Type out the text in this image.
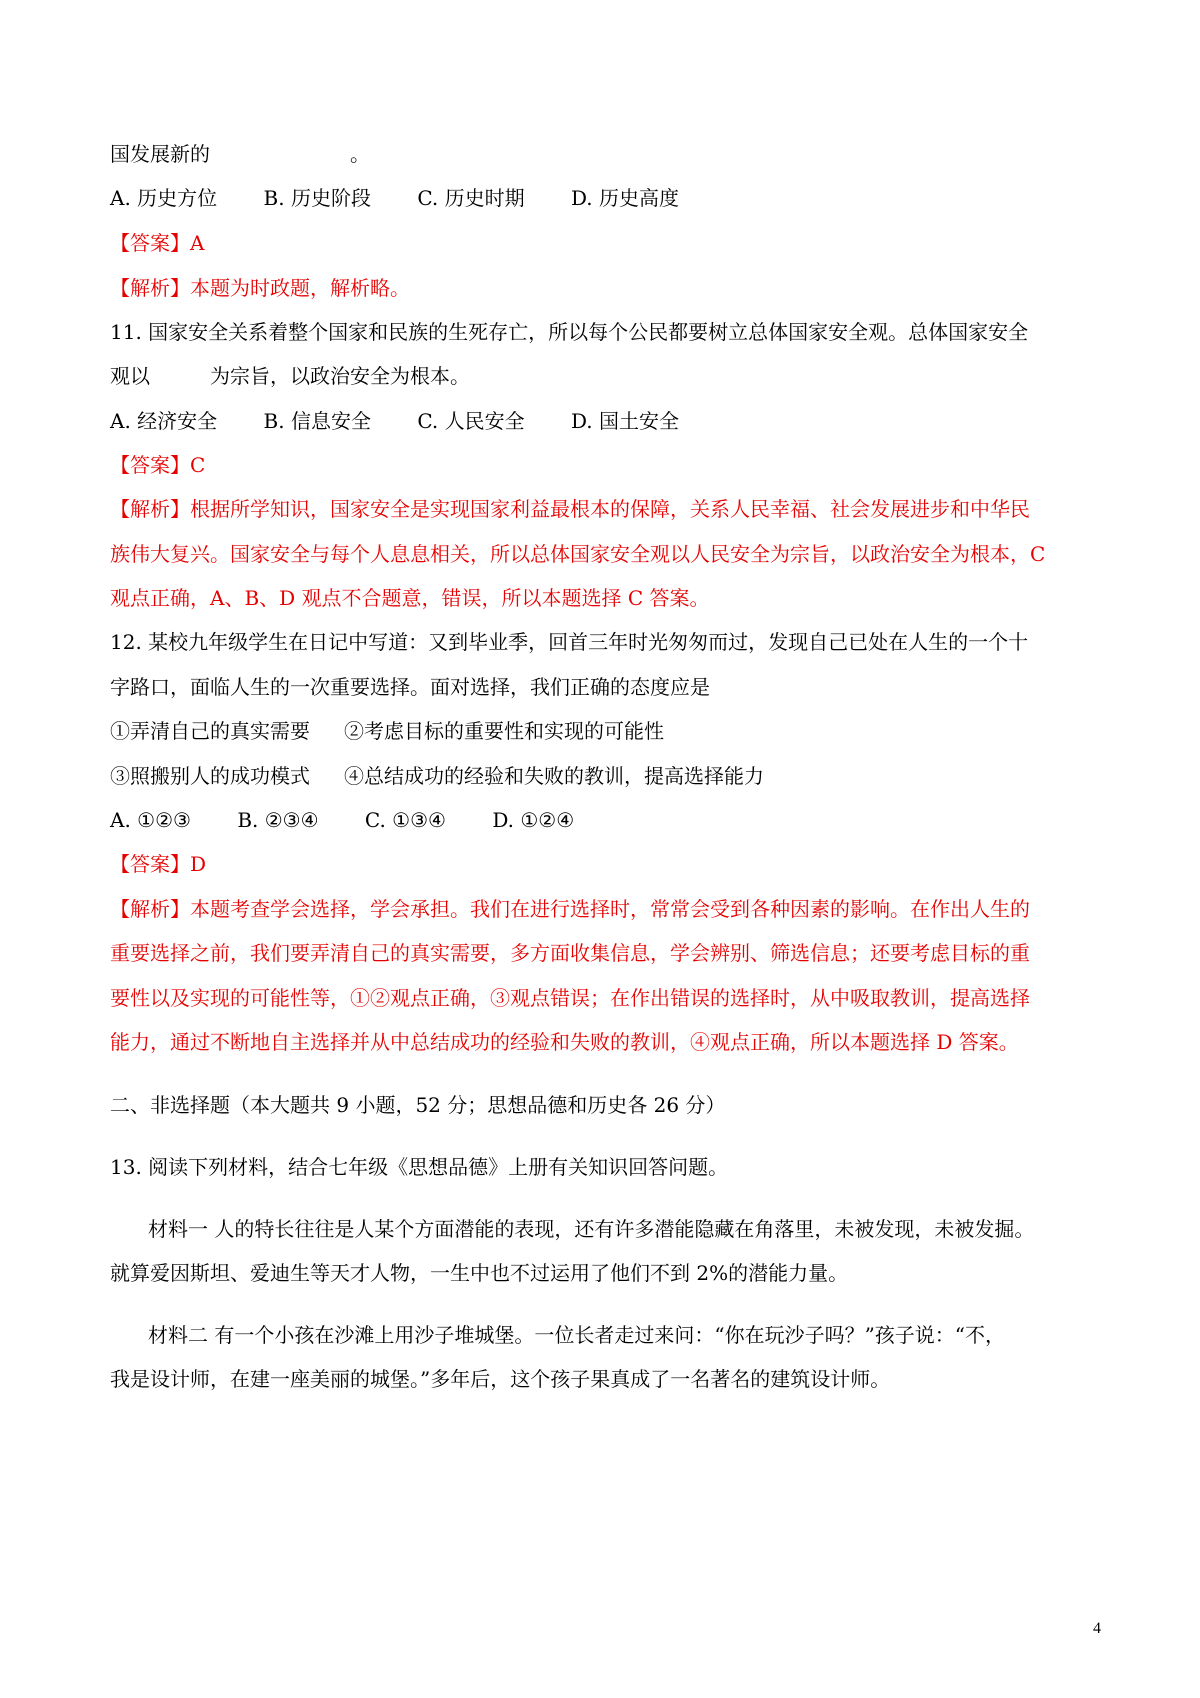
国发展新的　　　　　　　。
A. 历史方位 B. 历史阶段 C. 历史时期 D. 历史高度
【答案】A
【解析】本题为时政题，解析略。
11. 国家安全关系着整个国家和民族的生死存亡，所以每个公民都要树立总体国家安全观。总体国家安全
观以　　　为宗旨，以政治安全为根本。
A. 经济安全 B. 信息安全 C. 人民安全 D. 国土安全
【答案】C
【解析】根据所学知识，国家安全是实现国家利益最根本的保障，关系人民幸福、社会发展进步和中华民
族伟大复兴。国家安全与每个人息息相关，所以总体国家安全观以人民安全为宗旨，以政治安全为根本，C
观点正确，A、B、D 观点不合题意，错误，所以本题选择 C 答案。
12. 某校九年级学生在日记中写道：又到毕业季，回首三年时光匆匆而过，发现自己已处在人生的一个十
字路口，面临人生的一次重要选择。面对选择，我们正确的态度应是
①弄清自己的真实需要 ②考虑目标的重要性和实现的可能性
③照搬别人的成功模式 ④总结成功的经验和失败的教训，提高选择能力
A. ①②③ B. ②③④ C. ①③④ D. ①②④
【答案】D
【解析】本题考查学会选择，学会承担。我们在进行选择时，常常会受到各种因素的影响。在作出人生的
重要选择之前，我们要弄清自己的真实需要，多方面收集信息，学会辨别、筛选信息；还要考虑目标的重
要性以及实现的可能性等，①②观点正确，③观点错误；在作出错误的选择时，从中吸取教训，提高选择
能力，通过不断地自主选择并从中总结成功的经验和失败的教训，④观点正确，所以本题选择 D 答案。
二、非选择题（本大题共 9 小题，52 分；思想品德和历史各 26 分）
13. 阅读下列材料，结合七年级《思想品德》上册有关知识回答问题。
材料一 人的特长往往是人某个方面潜能的表现，还有许多潜能隐藏在角落里，未被发现，未被发掘。
就算爱因斯坦、爱迪生等天才人物，一生中也不过运用了他们不到 2%的潜能力量。
材料二 有一个小孩在沙滩上用沙子堆城堡。一位长者走过来问：“你在玩沙子吗？”孩子说：“不，
我是设计师，在建一座美丽的城堡。”多年后，这个孩子果真成了一名著名的建筑设计师。
4
